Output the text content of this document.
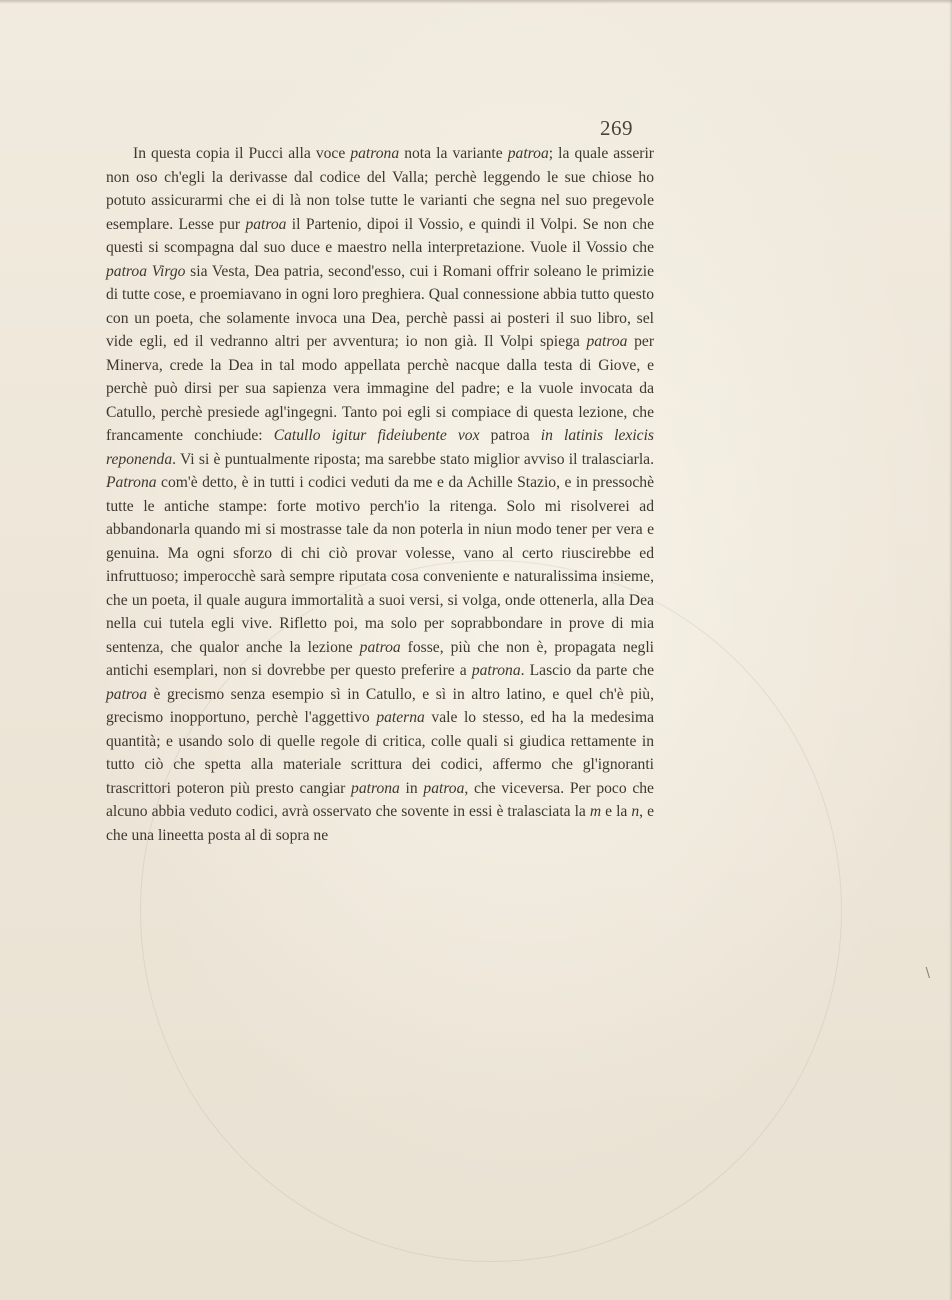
269

In questa copia il Pucci alla voce patrona nota la variante patroa; la quale asserir non oso ch'egli la derivasse dal codice del Valla; perchè leggendo le sue chiose ho potuto assicurarmi che ei di là non tolse tutte le varianti che segna nel suo pregevole esemplare. Lesse pur patroa il Partenio, dipoi il Vossio, e quindi il Volpi. Se non che questi si scompagna dal suo duce e maestro nella interpretazione. Vuole il Vossio che patroa Virgo sia Vesta, Dea patria, second'esso, cui i Romani offrir soleano le primizie di tutte cose, e proemiavano in ogni loro preghiera. Qual connessione abbia tutto questo con un poeta, che solamente invoca una Dea, perchè passi ai posteri il suo libro, sel vide egli, ed il vedranno altri per avventura; io non già. Il Volpi spiega patroa per Minerva, crede la Dea in tal modo appellata perchè nacque dalla testa di Giove, e perchè può dirsi per sua sapienza vera immagine del padre; e la vuole invocata da Catullo, perchè presiede agl'ingegni. Tanto poi egli si compiace di questa lezione, che francamente conchiude: Catullo igitur fideiubente vox patroa in latinis lexicis reponenda. Vi si è puntualmente riposta; ma sarebbe stato miglior avviso il tralasciarla. Patrona com'è detto, è in tutti i codici veduti da me e da Achille Stazio, e in pressochè tutte le antiche stampe: forte motivo perch'io la ritenga. Solo mi risolverei ad abbandonarla quando mi si mostrasse tale da non poterla in niun modo tener per vera e genuina. Ma ogni sforzo di chi ciò provar volesse, vano al certo riuscirebbe ed infruttuoso; imperocchè sarà sempre riputata cosa conveniente e naturalissima insieme, che un poeta, il quale augura immortalità a suoi versi, si volga, onde ottenerla, alla Dea nella cui tutela egli vive. Rifletto poi, ma solo per soprabbondare in prove di mia sentenza, che qualor anche la lezione patroa fosse, più che non è, propagata negli antichi esemplari, non si dovrebbe per questo preferire a patrona. Lascio da parte che patroa è grecismo senza esempio sì in Catullo, e sì in altro latino, e quel ch'è più, grecismo inopportuno, perchè l'aggettivo paterna vale lo stesso, ed ha la medesima quantità; e usando solo di quelle regole di critica, colle quali si giudica rettamente in tutto ciò che spetta alla materiale scrittura dei codici, affermo che gl'ignoranti trascrittori poteron più presto cangiar patrona in patroa, che viceversa. Per poco che alcuno abbia veduto codici, avrà osservato che sovente in essi è tralasciata la m e la n, e che una lineetta posta al di sopra ne

\
